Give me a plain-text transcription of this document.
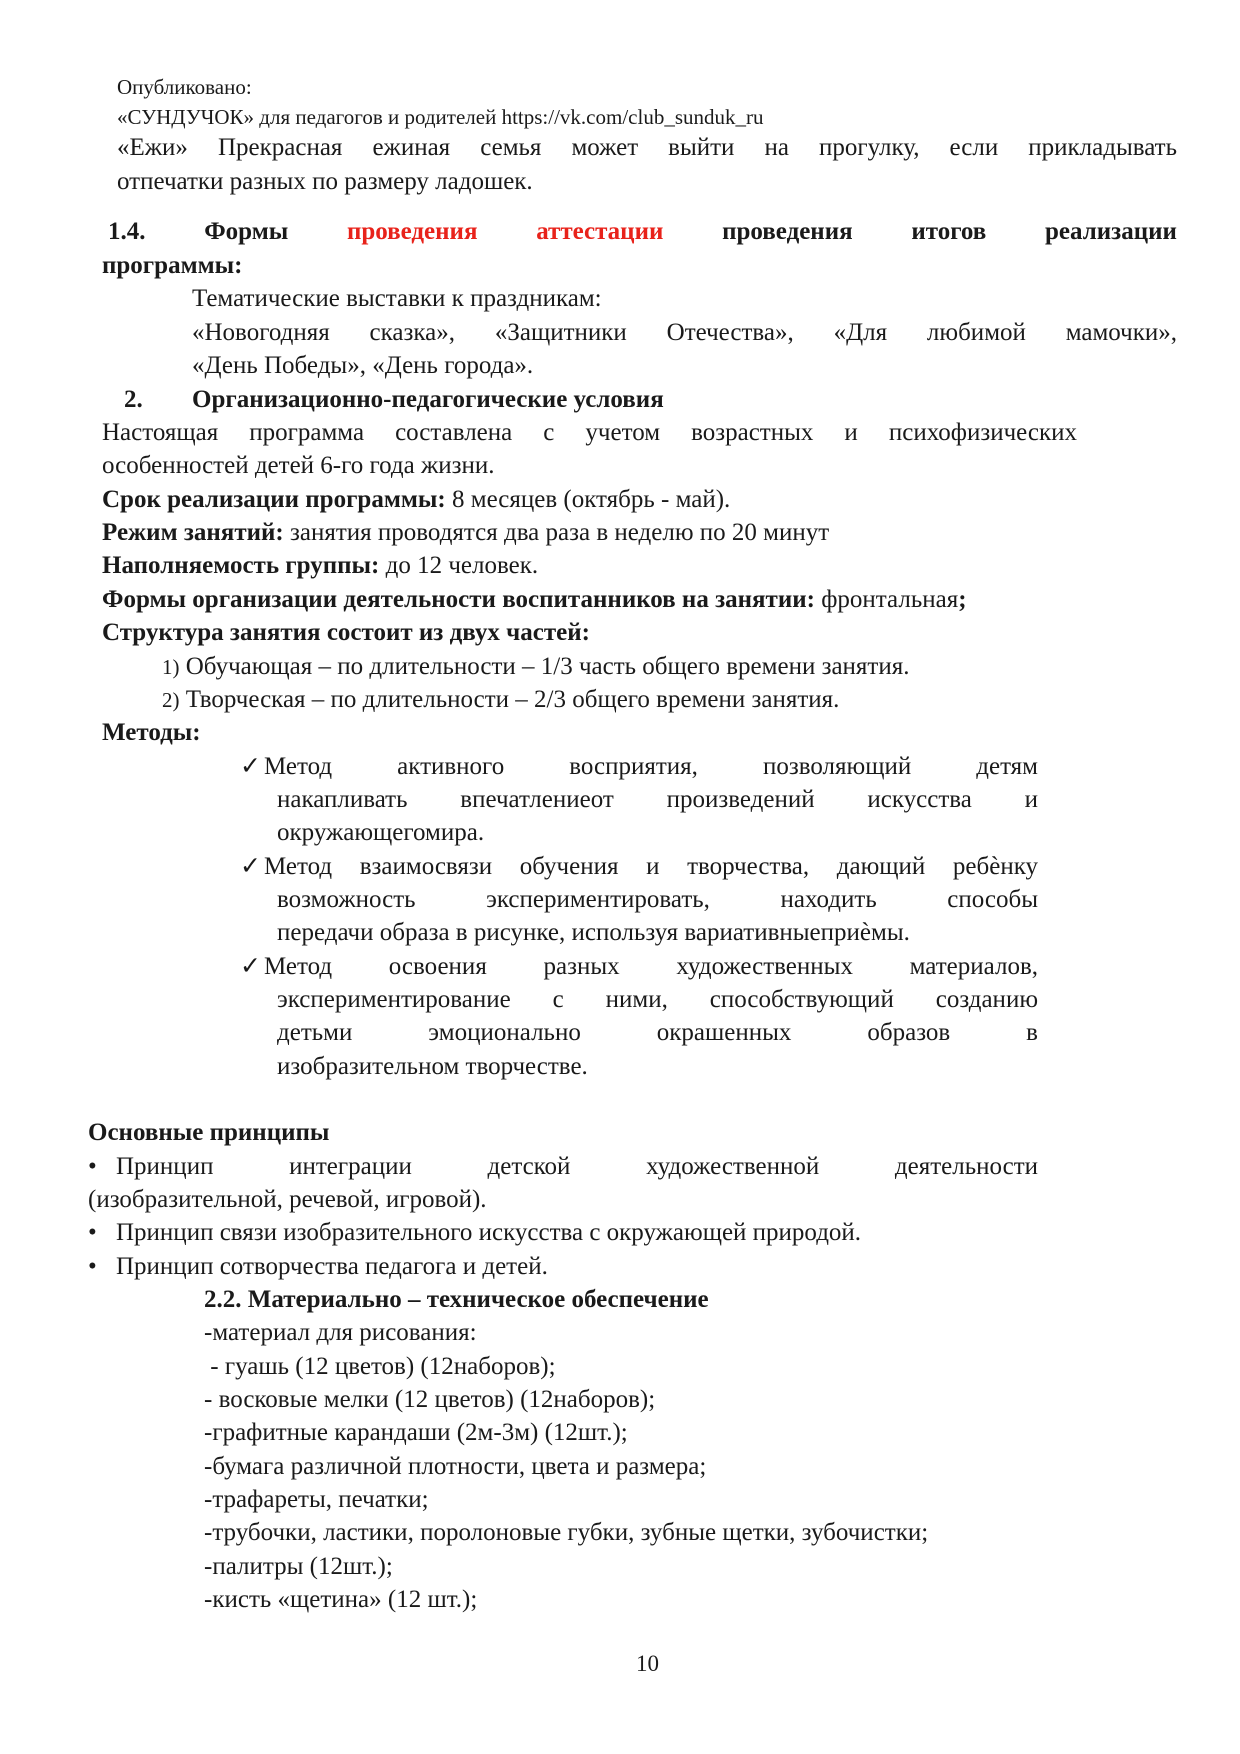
Опубликовано:
«СУНДУЧОК» для педагогов и родителей https://vk.com/club_sunduk_ru
«Ежи» Прекрасная ежиная семья может выйти на прогулку, если прикладывать
отпечатки разных по размеру ладошек.
1.4. Формы проведения аттестации проведения итогов реализации
программы:
Тематические выставки к праздникам:
«Новогодняя сказка», «Защитники Отечества», «Для любимой мамочки»,
«День Победы», «День города».
2. Организационно-педагогические условия
Настоящая программа составлена с учетом возрастных и психофизических
особенностей детей 6-го года жизни.
Срок реализации программы: 8 месяцев (октябрь - май).
Режим занятий: занятия проводятся два раза в неделю по 20 минут
Наполняемость группы: до 12 человек.
Формы организации деятельности воспитанников на занятии: фронтальная;
Структура занятия состоит из двух частей:
1) Обучающая – по длительности – 1/3 часть общего времени занятия.
2) Творческая – по длительности – 2/3 общего времени занятия.
Методы:
✓ Метод активного восприятия, позволяющий детям
накапливать впечатлениeот произведений искусства и
окружающегомира.
✓ Метод взаимосвязи обучения и творчества, дающий ребѐнку
возможность экспериментировать, находить способы
передачи образа в рисунке, используя вариативныеприѐмы.
✓ Метод освоения разных художественных материалов,
экспериментирование с ними, способствующий созданию
детьми эмоционально окрашенных образов в
изобразительном творчестве.
Основные принципы
• Принцип интеграции детской художественной деятельности
(изобразительной, речевой, игровой).
• Принцип связи изобразительного искусства с окружающей природой.
• Принцип сотворчества педагога и детей.
2.2. Материально – техническое обеспечение
-материал для рисования:
- гуашь (12 цветов) (12наборов);
- восковые мелки (12 цветов) (12наборов);
-графитные карандаши (2м-3м) (12шт.);
-бумага различной плотности, цвета и размера;
-трафареты, печатки;
-трубочки, ластики, поролоновые губки, зубные щетки, зубочистки;
-палитры (12шт.);
-кисть «щетина» (12 шт.);
10
